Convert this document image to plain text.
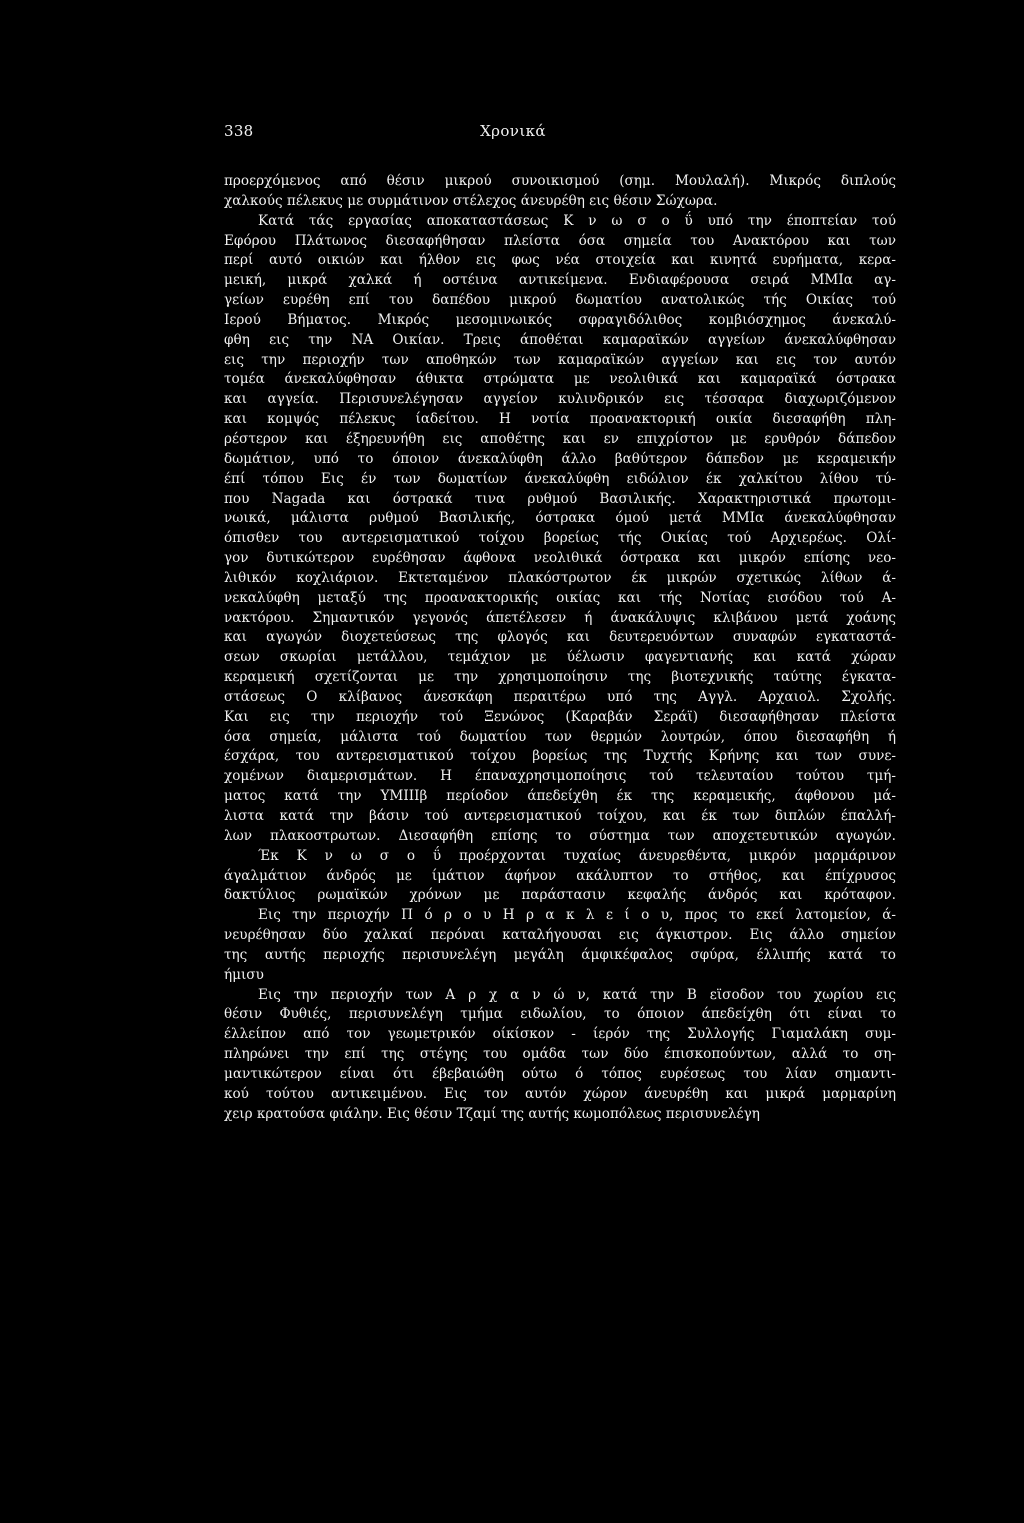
338	Χρονικά
προερχόμενος από θέσιν μικρού συνοικισμού (σημ. Μουλαλή). Μικρός διπλούς
χαλκούς πέλεκυς με συρμάτινον στέλεχος άνευρέθη εις θέσιν Σώχωρα.
Κατά τάς εργασίας αποκαταστάσεως Κ ν ω σ ο ΰ υπό την έποπτείαν τού
Εφόρου Πλάτωνος διεσαφήθησαν πλείστα όσα σημεία του Ανακτόρου και των
περί αυτό οικιών και ήλθον εις φως νέα στοιχεία και κινητά ευρήματα, κερα-
μεική, μικρά χαλκά ή οστέινα αντικείμενα. Ενδιαφέρουσα σειρά ΜΜΙα αγ-
γείων ευρέθη επί του δαπέδου μικρού δωματίου ανατολικώς τής Οικίας τού
Ιερού Βήματος. Μικρός μεσομινωικός σφραγιδόλιθος κομβιόσχημος άνεκαλύ-
φθη εις την ΝΑ Οικίαν. Τρεις άποθέται καμαραϊκών αγγείων άνεκαλύφθησαν
εις την περιοχήν των αποθηκών των καμαραϊκών αγγείων και εις τον αυτόν
τομέα άνεκαλύφθησαν άθικτα στρώματα με νεολιθικά και καμαραϊκά όστρακα
και αγγεία. Περισυνελέγησαν αγγείον κυλινδρικόν εις τέσσαρα διαχωριζόμενον
και κομψός πέλεκυς ίαδείτου. Η νοτία προανακτορική οικία διεσαφήθη πλη-
ρέστερον και έξηρευνήθη εις αποθέτης και εν επιχρίστον με ερυθρόν δάπεδον
δωμάτιον, υπό το όποιον άνεκαλύφθη άλλο βαθύτερον δάπεδον με κεραμεικήν
έπί τόπου Εις έν των δωματίων άνεκαλύφθη ειδώλιον έκ χαλκίτου λίθου τύ-
που Nagada και όστρακά τινα ρυθμού Βασιλικής. Χαρακτηριστικά πρωτομι-
νωικά, μάλιστα ρυθμού Βασιλικής, όστρακα όμού μετά ΜΜΙα άνεκαλύφθησαν
όπισθεν του αντερεισματικού τοίχου βορείως τής Οικίας τού Αρχιερέως. Ολί-
γον δυτικώτερον ευρέθησαν άφθονα νεολιθικά όστρακα και μικρόν επίσης νεο-
λιθικόν κοχλιάριον. Εκτεταμένον πλακόστρωτον έκ μικρών σχετικώς λίθων ά-
νεκαλύφθη μεταξύ της προανακτορικής οικίας και τής Νοτίας εισόδου τού Α-
νακτόρου. Σημαντικόν γεγονός άπετέλεσεν ή άνακάλυψις κλιβάνου μετά χοάνης
και αγωγών διοχετεύσεως της φλογός και δευτερευόντων συναφών εγκαταστά-
σεων σκωρίαι μετάλλου, τεμάχιον με ύέλωσιν φαγεντιανής και κατά χώραν
κεραμεική σχετίζονται με την χρησιμοποίησιν της βιοτεχνικής ταύτης έγκατα-
στάσεως Ο κλίβανος άνεσκάφη περαιτέρω υπό της Αγγλ. Αρχαιολ. Σχολής.
Και εις την περιοχήν τού Ξενώνος (Καραβάν Σεράϊ) διεσαφήθησαν πλείστα
όσα σημεία, μάλιστα τού δωματίου των θερμών λουτρών, όπου διεσαφήθη ή
έσχάρα, του αντερεισματικού τοίχου βορείως της Τυχτής Κρήνης και των συνε-
χομένων διαμερισμάτων. Η έπαναχρησιμοποίησις τού τελευταίου τούτου τμή-
ματος κατά την ΥΜΙΙΙβ περίοδον άπεδείχθη έκ της κεραμεικής, άφθονου μά-
λιστα κατά την βάσιν τού αντερεισματικού τοίχου, και έκ των διπλών έπαλλή-
λων πλακοστρωτων. Διεσαφήθη επίσης το σύστημα των αποχετευτικών αγωγών.
Έκ Κ ν ω σ ο ΰ προέρχονται τυχαίως άνευρεθέντα, μικρόν μαρμάρινον
άγαλμάτιον άνδρός με ίμάτιον άφήνον ακάλυπτον το στήθος, και έπίχρυσος
δακτύλιος ρωμαϊκών χρόνων με παράστασιν κεφαλής άνδρός και κρόταφον.
Εις την περιοχήν Π ό ρ ο υ Η ρ α κ λ ε ί ο υ, προς το εκεί λατομείον, ά-
νευρέθησαν δύο χαλκαί περόναι καταλήγουσαι εις άγκιστρον. Εις άλλο σημείον
της αυτής περιοχής περισυνελέγη μεγάλη άμφικέφαλος σφύρα, έλλιπής κατά το
ήμισυ
Εις την περιοχήν των Α ρ χ α ν ώ ν, κατά την Β εϊσοδον του χωρίου εις
θέσιν Φυθιές, περισυνελέγη τμήμα ειδωλίου, το όποιον άπεδείχθη ότι είναι το
έλλείπον από τον γεωμετρικόν οίκίσκον - ίερόν της Συλλογής Γιαμαλάκη συμ-
πληρώνει την επί της στέγης του ομάδα των δύο έπισκοπούντων, αλλά το ση-
μαντικώτερον είναι ότι έβεβαιώθη ούτω ό τόπος ευρέσεως του λίαν σημαντι-
κού τούτου αντικειμένου. Εις τον αυτόν χώρον άνευρέθη και μικρά μαρμαρίνη
χειρ κρατούσα φιάλην. Εις θέσιν Τζαμί της αυτής κωμοπόλεως περισυνελέγη
